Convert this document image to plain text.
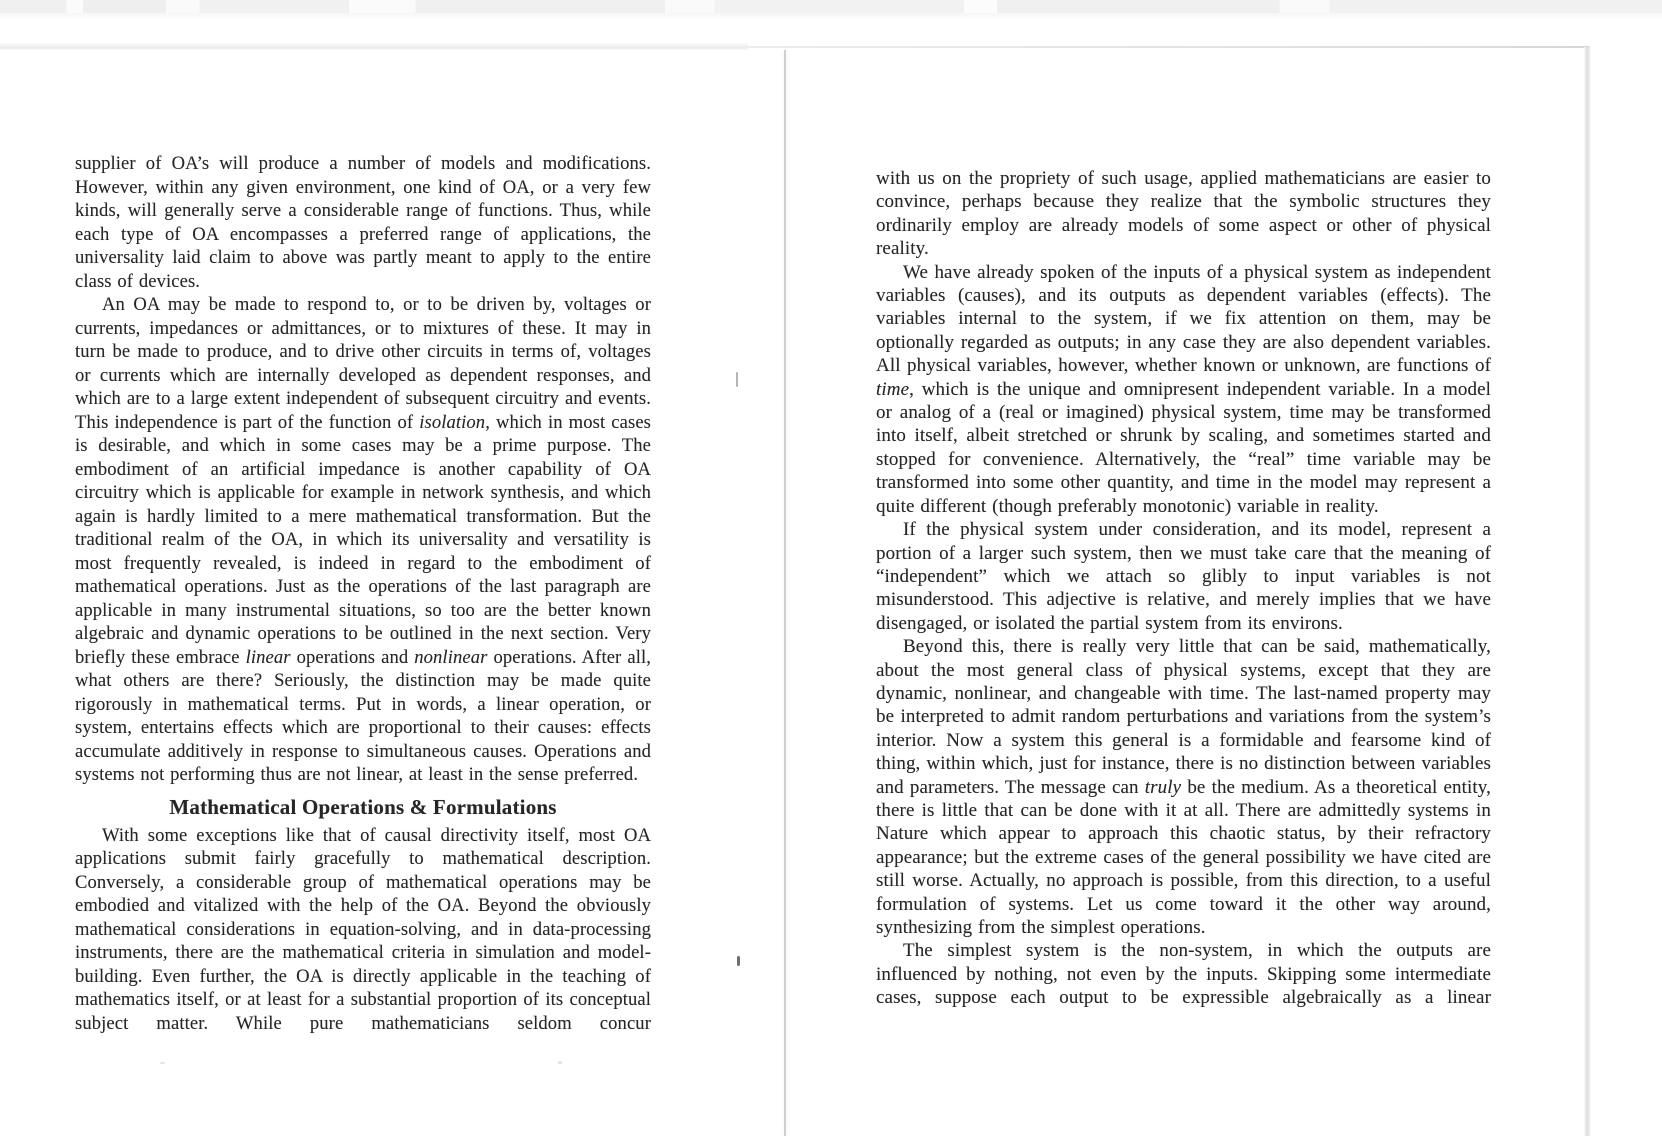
supplier of OA’s will produce a number of models and modifications. However, within any given environment, one kind of OA, or a very few kinds, will generally serve a considerable range of functions. Thus, while each type of OA encompasses a preferred range of applications, the universality laid claim to above was partly meant to apply to the entire class of devices.

An OA may be made to respond to, or to be driven by, voltages or currents, impedances or admittances, or to mixtures of these. It may in turn be made to produce, and to drive other circuits in terms of, voltages or currents which are internally developed as dependent responses, and which are to a large extent independent of subsequent circuitry and events. This independence is part of the function of isolation, which in most cases is desirable, and which in some cases may be a prime purpose. The embodiment of an artificial impedance is another capability of OA circuitry which is applicable for example in network synthesis, and which again is hardly limited to a mere mathematical transformation. But the traditional realm of the OA, in which its universality and versatility is most frequently revealed, is indeed in regard to the embodiment of mathematical operations. Just as the operations of the last paragraph are applicable in many instrumental situations, so too are the better known algebraic and dynamic operations to be outlined in the next section. Very briefly these embrace linear operations and nonlinear operations. After all, what others are there? Seriously, the distinction may be made quite rigorously in mathematical terms. Put in words, a linear operation, or system, entertains effects which are proportional to their causes: effects accumulate additively in response to simultaneous causes. Operations and systems not performing thus are not linear, at least in the sense preferred.

Mathematical Operations & Formulations

With some exceptions like that of causal directivity itself, most OA applications submit fairly gracefully to mathematical description. Conversely, a considerable group of mathematical operations may be embodied and vitalized with the help of the OA. Beyond the obviously mathematical considerations in equation-solving, and in data-processing instruments, there are the mathematical criteria in simulation and model-building. Even further, the OA is directly applicable in the teaching of mathematics itself, or at least for a substantial proportion of its conceptual subject matter. While pure mathematicians seldom concur

with us on the propriety of such usage, applied mathematicians are easier to convince, perhaps because they realize that the symbolic structures they ordinarily employ are already models of some aspect or other of physical reality.

We have already spoken of the inputs of a physical system as independent variables (causes), and its outputs as dependent variables (effects). The variables internal to the system, if we fix attention on them, may be optionally regarded as outputs; in any case they are also dependent variables. All physical variables, however, whether known or unknown, are functions of time, which is the unique and omnipresent independent variable. In a model or analog of a (real or imagined) physical system, time may be transformed into itself, albeit stretched or shrunk by scaling, and sometimes started and stopped for convenience. Alternatively, the “real” time variable may be transformed into some other quantity, and time in the model may represent a quite different (though preferably monotonic) variable in reality.

If the physical system under consideration, and its model, represent a portion of a larger such system, then we must take care that the meaning of “independent” which we attach so glibly to input variables is not misunderstood. This adjective is relative, and merely implies that we have disengaged, or isolated the partial system from its environs.

Beyond this, there is really very little that can be said, mathematically, about the most general class of physical systems, except that they are dynamic, nonlinear, and changeable with time. The last-named property may be interpreted to admit random perturbations and variations from the system’s interior. Now a system this general is a formidable and fearsome kind of thing, within which, just for instance, there is no distinction between variables and parameters. The message can truly be the medium. As a theoretical entity, there is little that can be done with it at all. There are admittedly systems in Nature which appear to approach this chaotic status, by their refractory appearance; but the extreme cases of the general possibility we have cited are still worse. Actually, no approach is possible, from this direction, to a useful formulation of systems. Let us come toward it the other way around, synthesizing from the simplest operations.

The simplest system is the non-system, in which the outputs are influenced by nothing, not even by the inputs. Skipping some intermediate cases, suppose each output to be expressible algebraically as a linear
